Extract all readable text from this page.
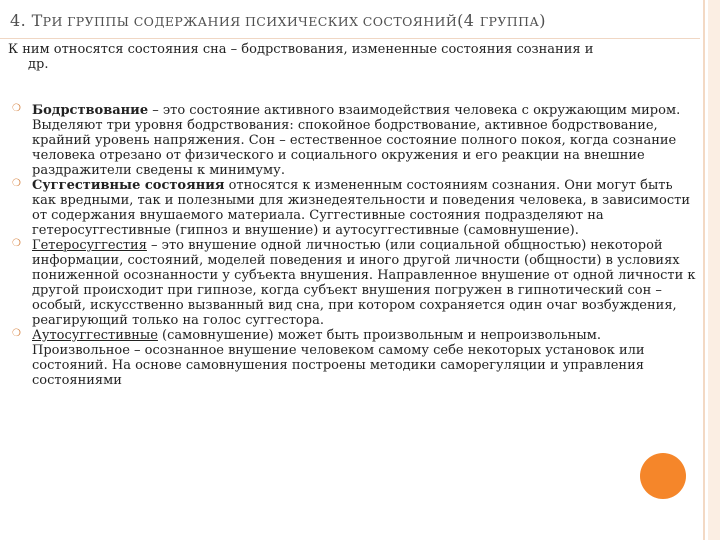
4. ТРИ ГРУППЫ СОДЕРЖАНИЯ ПСИХИЧЕСКИХ СОСТОЯНИЙ(4 ГРУППА)
К ним относятся состояния сна – бодрствования, измененные состояния сознания и
др.
❍ Бодрствование – это состояние активного взаимодействия человека с окружающим миром. Выделяют три уровня бодрствования: спокойное бодрствование, активное бодрствование, крайний уровень напряжения. Сон – естественное состояние полного покоя, когда сознание человека отрезано от физического и социального окружения и его реакции на внешние раздражители сведены к минимуму.
❍ Суггестивные состояния относятся к измененным состояниям сознания. Они могут быть как вредными, так и полезными для жизнедеятельности и поведения человека, в зависимости от содержания внушаемого материала. Суггестивные состояния подразделяют на гетеросуггестивные (гипноз и внушение) и аутосуггестивные (самовнушение).
❍ Гетеросуггестия – это внушение одной личностью (или социальной общностью) некоторой информации, состояний, моделей поведения и иного другой личности (общности) в условиях пониженной осознанности у субъекта внушения. Направленное внушение от одной личности к другой происходит при гипнозе, когда субъект внушения погружен в гипнотический сон – особый, искусственно вызванный вид сна, при котором сохраняется один очаг возбуждения, реагирующий только на голос суггестора.
❍ Аутосуггестивные (самовнушение) может быть произвольным и непроизвольным. Произвольное – осознанное внушение человеком самому себе некоторых установок или состояний. На основе самовнушения построены методики саморегуляции и управления состояниями
